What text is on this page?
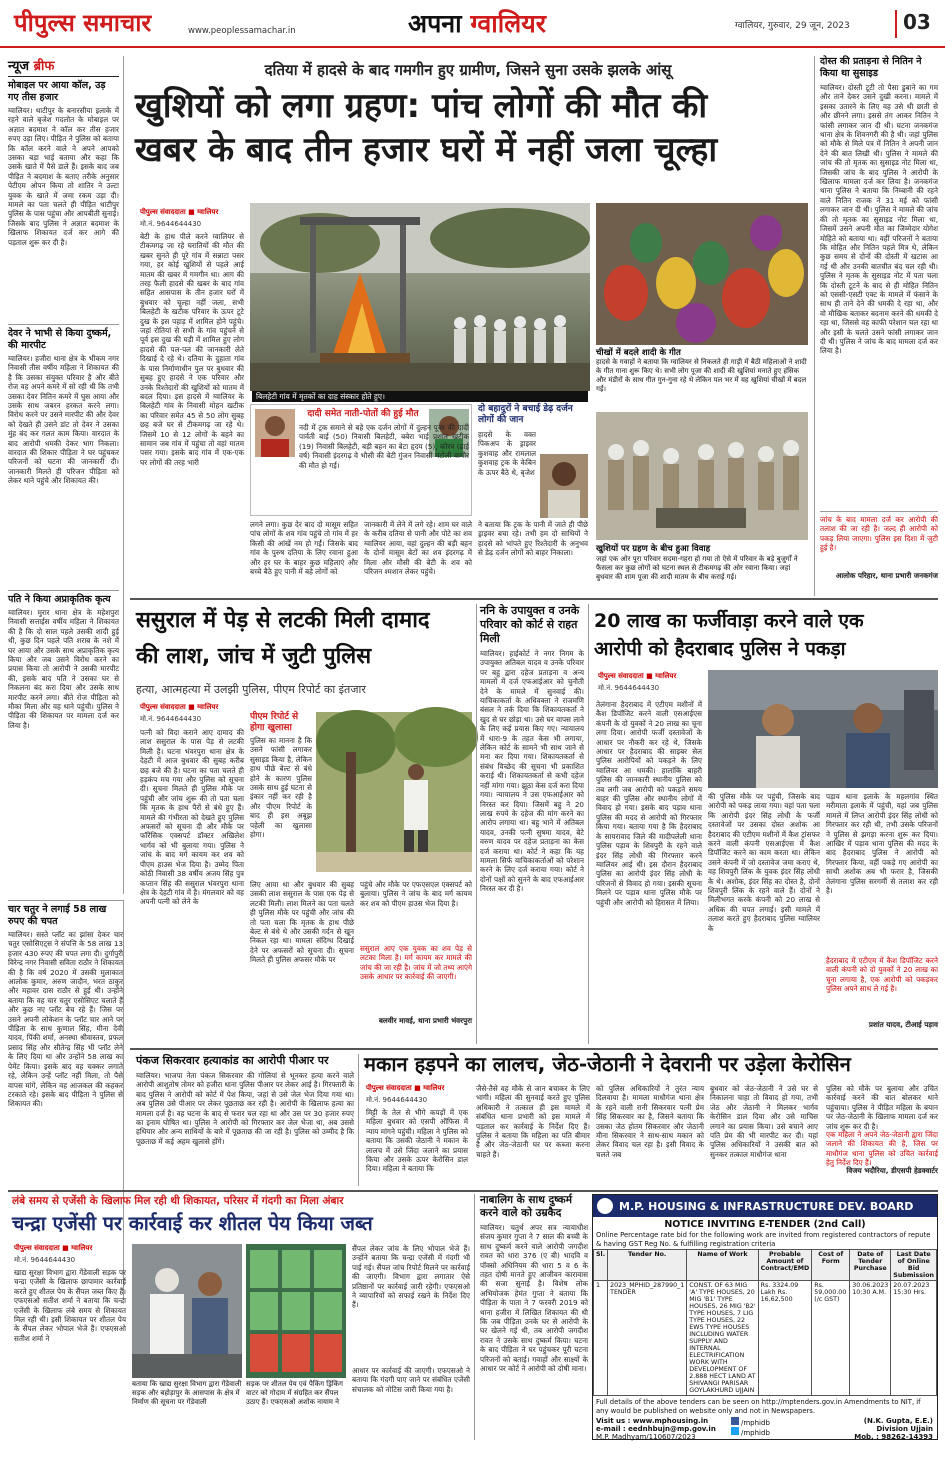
पीपुल्स समाचार	www.peoplessamachar.in	अपना ग्वालियर	ग्वालियर, गुरुवार, 29 जून, 2023	03
न्यूज ब्रीफ
मोबाइल पर आया कॉल, उड़ गए तीस हजार
ग्वालियर। थाटीपुर के बनारसीया इलाके में रहने वाले बृजेश गदलोत के मोबाइल पर अज्ञात बदमाश ने कॉल कर तीस हजार रुपए उड़ा लिए। पीड़ित ने पुलिस को बताया कि कॉल करने वाले ने अपने आपको उसका बड़ा भाई बताया और कहा कि उसके खाते में पैसे डाले हैं। इसके बाद जब पीड़ित ने बदमाश के बताए तरीके अनुसार पेटीएम ओपन किया तो शातिर ने उल्टा युवक के खाते में जमा रकम उड़ा दी। मामले का पता चलते ही पीड़ित थाटीपुर पुलिस के पास पहुंचा और आपबीती सुनाई। जिसके बाद पुलिस ने अज्ञात बदमाश के खिलाफ शिकायत दर्ज कर आगे की पड़ताल शुरू कर दी है।
देवर ने भाभी से किया दुष्कर्म, की मारपीट
ग्वालियर। हजीरा थाना क्षेत्र के भीकम नगर निवासी तीस वर्षीय महिला ने शिकायत की है कि उसका संयुक्त परिवार है और बीते रोज वह अपने कमरे में सो रही थी कि तभी उसका देवर नितिन कमरे में घुस आया और उसके साथ जबरन हरकत करने लगा। विरोध करने पर उसने मारपीट की और देवर को देखते ही उसने डांट तो देवर ने उसका मुंह बंद कर गलत काम किया। वारदात के बाद आरोपी धमकी देकर भाग निकला। वारदात की शिकार पीड़िता ने घर पहुंचकर परिजनों को घटना की जानकारी दी। जानकारी मिलते ही परिजन पीड़िता को लेकर थाने पहुंचे और शिकायत की।
पति ने किया अप्राकृतिक कृत्य
ग्वालियर। मुरार थाना क्षेत्र के महेशपुरा निवासी सत्ताईस वर्षीय महिला ने शिकायत की है कि दो साल पहले उसकी शादी हुई थी, कुछ दिन पहले पति शराब के नशे में घर आया और उसके साथ अप्राकृतिक कृत्य किया और जब उसने विरोध करने का प्रयास किया तो आरोपी ने उसकी मारपीट की, इसके बाद पति ने उसका घर से निकलना बंद करा दिया और उसके साथ मारपीट करने लगा। बीते रोज पीड़िता को मौका मिला और वह थाने पहुंची। पुलिस ने पीड़िता की शिकायत पर मामला दर्ज कर लिया है।
चार चतुर ने लगाई 58 लाख रुपए की चपत
ग्वालियर। सस्ते प्लॉट का झांसा देकर चार चतुर एसोसिएट्स ने संपत्ति के 58 लाख 13 हजार 430 रुपए की चपत लगा दी। दुर्गापुरी विरेन्द्र नगर निवासी सविता राठौर ने शिकायत की है कि वर्ष 2020 में उसकी मुलाकात आलोक कुमार, अरुण जादौन, भरत ठाकुर और महावर दास राठौर से हुई थी। उन्होंने बताया कि वह चार चतुर एसोसिएट चलाते हैं और कुछ नए प्लॉट बेच रहे हैं। जिस पर उसने अपनी लोकेशन के प्लॉट चार आने पर पीड़िता के साथ कुणाल सिंह, मीना देवी यादव, पिंकी शर्मा, अनस्था श्रीवास्तव, प्रफल प्रसाद सिंह और सीतेन्द्र सिंह भी प्लॉट लेने के लिए दिया था और उन्होंने 58 लाख का पेमेंट किया। इसके बाद वह चक्कर लगाते रहे, लेकिन उन्हें प्लॉट नहीं मिला, तो पैसे वापस मांगे, लेकिन वह आजकल की कहकर टरकाते रहे। इसके बाद पीड़िता ने पुलिस से शिकायत की।
दतिया में हादसे के बाद गमगीन हुए ग्रामीण, जिसने सुना उसके झलके आंसू
खुशियों को लगा ग्रहण: पांच लोगों की मौत की
खबर के बाद तीन हजार घरों में नहीं जला चूल्हा
पीपुल्स संवाददाता ■ ग्वालियर
मो.नं. 9644644430
बिलहेटी गांव में मृतकों का दाह संस्कार होते हुए।
बेटी के हाथ पीले करने ग्वालियर से टीकमगढ़ जा रहे घरातियों की मौत की खबर सुनते ही पूरे गांव में सन्नाटा पसर गया, हर कोई खुशियों से पहले आई मातम की खबर में गमगीन था। आग की तरह फैली हादसे की खबर के बाद गांव सहित आसपास के तीन हजार घरों में बुधवार को चूल्हा नहीं जला, सभी बिलहेटी के खटीक परिवार के ऊपर टूटे दुख के इस पहाड़ में शामिल होने पहुंचे। जहां रोतियां से सभी के गांव पहुंचने से पूर्व इस दुख की घड़ी में शामिल हुए लोग हादसे की पल-पल की जानकारी लेते दिखाई दे रहे थे। दतिया के दुहाता गांव के पास निर्माणाधीन पुल पर बुधवार की सुबह हुए हादसे ने एक परिवार और उनके रिश्तेदारों की खुशियों को मातम में बदल दिया। इस हादसे में ग्वालियर के बिलहेटी गांव के निवासी मोहन खटीक का परिवार समेत 45 से 50 लोग सुबह छह बजे घर से टीकमगढ़ जा रहे थे। जिसमें 10 से 12 लोगों के बहने का सामान जब गांव में पहुंचा तो वहां मातम पसर गया। इसके बाद गांव में एक-एक घर लोगों की तरह भारी
दादी समेत नाती-पोतों की हुई मौत
नदी में ट्रक समाने से बहे एक दर्जन लोगों में दुल्हन पूजा की दादी पार्वती बाई (50) निवासी बिलहेटी, बबेरा भाई प्रशांत खटीक (19) निवासी बिलहेटी, बड़ी बहन का बेटा हृदय (5), कोरव (ढाई वर्ष) निवासी इंदरगढ़ वे भौसी की बेटी गुंजन निवासी मटोली बामौर की मौत हो गई।
दो बहादुरों ने बचाई डेढ़ दर्जन लोगों की जान
हादसे के वक्त पिकअप के ड्राइवर कुशवाह और रामलाल कुशवाह ट्रक के केबिन के ऊपर बैठे थे, बृजेश
ने बताया कि ट्रक के पानी में जाते ही पीछे ड्राइवर बचा रहे। तभी हम दो साथियों ने हादसे को भांपते हुए रिश्तेदारी के अनुभव से डेढ़ दर्जन लोगों को बाहर निकाला।
लगने लगा। कुछ देर बाद दो मासूम सहित पांच लोगों के शव गांव पहुंचे तो गांव में हर किसी की आंखें नम हो गईं। जिसके बाद गांव के पुरुष दतिया के लिए रवाना हुआ और हर घर के बाहर कुछ महिलाएं और बच्चे बैठे हुए पानी में बहे लोगों को
जानकारी में लेने में लगे रहे। शाम घर वाले के करीब दतिया से पानी और पोटे का शव ग्वालियर आया, वहां दुल्हन की बड़ी बहन के दोनों मासूम बेटों का शव इंदरगढ़ में मिला और मौसी की बेटी के शव को परिजन श्मशान लेकर पहुंचे।
चीखों में बदले शादी के गीत
हादसे के गवाहों ने बताया कि ग्वालियर से निकलते ही गाड़ी में बैठी महिलाओं ने शादी के गीत गाना शुरू किए थे। सभी लोग पूजा की शादी की खुशियां मनाते हुए हंसिक और मंडीरों के साथ गीत गुन-गुना रहे थे लेकिन पल भर में यह खुशियां चीखों में बदल गईं।
खुशियों पर ग्रहण के बीच हुआ विवाह
जहां एक ओर पूरा परिवार सदमा-गहरा हो गया तो ऐसे में परिवार के बड़े बुजुर्गों ने फैसला कर कुछ लोगों को घटना स्थल से टीकमगढ़ की ओर रवाना किया। जहां बुधवार की शाम पूजा की शादी मातम के बीच कराई गई।
दोस्त की प्रताड़ना से नितिन ने किया था सुसाइड
ग्वालियर। दोस्ती टूटी तो पैसा डुबाने का गम और ताने देकर उसने दुखी करना। मामले में इसका उतारने के लिए वह उसे थी छाती से और छीनने लगा। इससे तंग आकर नितिन ने फांसी लगाकर जान दी थी। घटना जनकगंज थाना क्षेत्र के शिवनगरी की है थी। जहां पुलिस को मौके से मिले पत्र में नितिन ने अपनी जान देने की बात लिखी थी। पुलिस ने मामले की जांच की तो मृतक का सुसाइड नोट मिला था, जिसकी जांच के बाद पुलिस ने आरोपी के खिलाफ मामला दर्ज कर लिया है। जनकगंज थाना पुलिस ने बताया कि निम्बानी की रहने वाले नितिन राजक ने 31 मई को फांसी लगाकर जान दी थी। पुलिस ने मामले की जांच की तो मृतक का सुसाइड नोट मिला था, जिसमें उसने अपनी मौत का जिम्मेदार योगेश मोहिते को बताया था। वहीं परिजनों ने बताया कि मोहित और नितिन पहले मित्र थे, लेकिन कुछ समय से दोनों की दोस्ती में खटास आ गई थी और उनकी बातचीत बंद चल रही थी। पुलिस ने मृतक के सुसाइड नोट में पता चला कि दोस्ती टूटने के बाद से ही मोहित नितिन को एससी-एसटी एक्ट के मामले में फंसाने के साथ ही ताने देने की धमकी दे रहा था, और वो मौखिक बताकर बदनाम करने की धमकी दे रहा था, जिससे वह काफी परेशान चल रहा था और इसी के चलते उसने फांसी लगाकर जान दी थी। पुलिस ने जांच के बाद मामला दर्ज कर लिया है।
जांच के बाद मामला दर्ज कर आरोपी की तलाश की जा रही है। जल्द ही आरोपी को पकड़ लिया जाएगा। पुलिस इस दिशा में जुटी हुई है।
आलोक परिहार, थाना प्रभारी जनकगंज
ससुराल में पेड़ से लटकी मिली दामाद
की लाश, जांच में जुटी पुलिस
हत्या, आत्महत्या में उलझी पुलिस, पीएम रिपोर्ट का इंतजार
पीपुल्स संवाददाता ■ ग्वालियर
मो.नं. 9644644430
पत्नी को विदा कराने आए दामाद की लाश ससुराल के पास पेड़ से लटकी मिली है। घटना भंवरपुरा थाना क्षेत्र के देहटी में आज बुधवार की सुबह करीब छह बजे की है। घटना का पता चलते ही हड़कंप मच गया और पुलिस को सूचना दी। सूचना मिलते ही पुलिस मौके पर पहुंची और जांच शुरू की तो पता चला कि मृतक के हाथ पैरों से बंधे हुए हैं। मामले की गंभीरता को देखते हुए पुलिस अफसरों को सूचना दी और मौके पर फॉरेंसिक एक्सपर्ट डॉक्टर अखिलेश भार्गव को भी बुलाया गया। पुलिस ने जांच के बाद मर्ग कायम कर शव को पीएम हाउस भेज दिया है। उम्मेद पिता कोठी निवासी 38 वर्षीय अजय सिंह पुत्र कप्तान सिंह की ससुराल भंवरपुरा थाना क्षेत्र के देहटी गांव में है। मंगलवार को वह अपनी पत्नी को लेने के
पीएम रिपोर्ट से होगा खुलासा
पुलिस का मानना है कि उसने फांसी लगाकर सुसाइड किया है, लेकिन हाथ पीछे बेल्ट से बंधे होने के कारण पुलिस उसके साथ हुई घटना से इंकार नहीं कर रही है और पीएम रिपोर्ट के बाद ही इस अबूझ पहेली का खुलासा होगा।
लिए आया था और बुधवार की सुबह उसकी लाश ससुराल के पास एक पेड़ से लटकी मिली। लाश मिलने का पता चलते ही पुलिस मौके पर पहुंची और जांच की तो पता चला कि मृतक के हाथ पीछे बेल्ट से बंधे थे और उसकी गर्दन से खून निकल रहा था। मामला संदिग्ध दिखाई देने पर अफसरों को सूचना दी। सूचना मिलते ही पुलिस अफसर मौके पर
पहुंचे और मौके पर एफएसएल एक्सपर्ट को बुलाया। पुलिस ने जांच के बाद मर्ग कायम कर शव को पीएम हाउस भेज दिया है।
ससुराल आए एक युवक का शव पेड़ से लटका मिला है। मर्ग कायम कर मामले की जांच की जा रही है। जांच में जो तथ्य आएंगे उसके आधार पर कार्रवाई की जाएगी।
बलवीर मावई, थाना प्रभारी भंवरपुरा
ननि के उपायुक्त व उनके परिवार को कोर्ट से राहत मिली
ग्वालियर। हाईकोर्ट ने नगर निगम के उपायुक्त अतिबल यादव व उनके परिवार पर बहु द्वारा दहेज प्रताड़ना व अन्य मामलों में दर्ज एफआईआर को चुनौती देने के मामले में सुनवाई की। याचिकाकर्ता के अधिवक्ता ने राजमणि बंसल ने तर्क दिया कि शिकायतकर्ता ने खुद से घर छोड़ा था। उसे घर वापस लाने के लिए कई प्रयास किए गए। न्यायालय में धारा-9 के तहत केस भी लगाया, लेकिन कोर्ट के सामने भी साथ जाने से मना कर दिया गया। शिकायतकर्ता से संबंध विच्छेद की सूचना भी प्रकाशित कराई थी। शिकायतकर्ता से कभी दहेज नहीं मांगा गया। झूठा केस दर्ज करा दिया गया। न्यायालय ने उस एफआईआर को निरस्त कर दिया। जिसमें बहु ने 20 लाख रुपये के दहेज की मांग करने का आरोप लगाया था। बहु भाने में अतिबल यादव, उनकी पत्नी सुषमा यादव, बेटे वरुण यादव पर दहेज प्रताड़ना का केस दर्ज कराया था। कोर्ट ने कहा कि यह मामला सिर्फ याचिकाकर्ताओं को परेशान करने के लिए दर्ज कराया गया। कोर्ट ने दोनों पक्षों को सुनने के बाद एफआईआर निरस्त कर दी है।
20 लाख का फर्जीवाड़ा करने वाले एक
आरोपी को हैदराबाद पुलिस ने पकड़ा
पीपुल्स संवाददाता ■ ग्वालियर
मो.नं. 9644644430
तेलंगाना हैदराबाद में एटीएम मशीनों में कैश डिपॉजिट करने वाली एसआईएस कंपनी के दो युवकों ने 20 लाख का चूना लगा दिया। आरोपी फर्जी दस्तावेजों के आधार पर नौकरी कर रहे थे, जिसके आधार पर हैदराबाद की साइबर सेल पुलिस आरोपियों को पकड़ने के लिए ग्वालियर आ धमकी। हालांकि बाहरी पुलिस की जानकारी स्थानीय पुलिस को तब लगी जब आरोपी को पकड़ने समय बाहर की पुलिस और स्थानीय लोगों में विवाद हो गया। इसके बाद पड़ाव थाना पुलिस की मदद से आरोपी को गिरफ्तार किया गया। बताया गया है कि हैदराबाद के सायरावाद जिले की मादीपलेली थाना पुलिस पड़ाव के शिवपुरी के रहने वाले इंदर सिंह लोधी की गिरफ्तार करने ग्वालियर आई थी। इस दौरान हैदराबाद पुलिस का आरोपी इंदर सिंह लोधी के परिजनों से विवाद हो गया। इसकी सूचना मिलने पर पड़ाव थाना पुलिस मौके पर पहुंची और आरोपी को हिरासत में लिया।
की पुलिस मौके पर पहुंची, जिसके बाद आरोपी को पकड़ लाया गया। वहां पता चला कि आरोपी इंदर सिंह लोधी के फर्जी दस्तावेजों पर उसका दोस्त अशोक आ हैदराबाद की एटीएम मशीनों में कैश ट्रांसफर करने वाली कंपनी एसआईएस में कैश डिपॉजिट करने का काम करता था। लेकिन उसने कंपनी में जो दस्तावेज जमा कराए थे, वह शिवपुरी लिंक के युवक इंदर सिंह लोधी के थे। अशोक, इंदर सिंह का दोस्त है, दोनों शिवपुरी लिंक के रहने वाले हैं। दोनों ने मिलीभगत करके कंपनी को 20 लाख से अधिक की चपत लगाई। इसी मामले में तलाश करते हुए हैदराबाद पुलिस ग्वालियर के
पड़ाव थाना इलाके के महलगांव स्थित मरीमाता इलाके में पहुंची, यहां जब पुलिस मामले में लिप्त आरोपी इंदर सिंह लोधी को गिरफ्तार कर रही थी, तभी उसके परिजनों ने पुलिस से झगड़ा करना शुरू कर दिया। आखिर में पड़ाव थाना पुलिस की मदद के बाद हैदराबाद पुलिस ने आरोपी को गिरफ्तार किया, वहीं पकड़े गए आरोपी का साथी अशोक अब भी फरार है, जिसकी तेलंगाना पुलिस सरगर्मी से तलाश कर रही है।
हैदराबाद में एटीएम में कैश डिपॉजिट करने वाली कंपनी को दो युवकों ने 20 लाख का चूना लगाया है, एक आरोपी को पकड़कर पुलिस अपने साथ ले गई है।
प्रशांत यादव, टीआई पड़ाव
पंकज सिकरवार हत्याकांड का आरोपी पीआर पर
ग्वालियर। भाजपा नेता पंकज सिकरवार की गोलियां से भूनकर हत्या करने वाले आरोपी आशुतोष तोमर को हजीरा थाना पुलिस पीआर पर लेकर आई है। गिरफ्तारी के बाद पुलिस ने आरोपी को कोर्ट में पेश किया, जहां से उसे जेल भेज दिया गया था। अब पुलिस उसे पीआर पर लेकर पूछताछ कर रही है। आरोपी के खिलाफ हत्या का मामला दर्ज है। वह घटना के बाद से फरार चल रहा था और उस पर 30 हजार रुपए का इनाम घोषित था। पुलिस ने आरोपी को गिरफ्तार कर जेल भेजा था, अब उससे हथियार और अन्य साथियों के बारे में पूछताछ की जा रही है। पुलिस को उम्मीद है कि पूछताछ में कई अहम खुलासे होंगे।
मकान हड़पने का लालच, जेठ-जेठानी ने देवरानी पर उड़ेला केरोसिन
पीपुल्स संवाददाता ■ ग्वालियर
मो.नं. 9644644430
मिट्टी के तेल से भीगे कपड़ों में एक महिला बुधवार को एसपी ऑफिस में न्याय मांगने पहुंची। महिला ने पुलिस को बताया कि उसकी जेठानी ने मकान के लालच में उसे जिंदा जलाने का प्रयास किया और उसके ऊपर केरोसिन डाल दिया। महिला ने बताया कि
जैसे-तैसे वह मौके से जान बचाकर के लिए भागी। महिला की सुनवाई करते हुए पुलिस अधिकारी ने तत्काल ही इस मामले में संबंधित थाना प्रभारी को इस मामले में पड़ताल कर कार्रवाई के निर्देश दिए हैं। पुलिस ने बताया कि महिला का पति बीमार है और जेठ-जेठानी घर पर कब्जा करना चाहते हैं।
को पुलिस अधिकारियों ने तुरंत न्याय दिलवाया है। मामला माधौगंज थाना क्षेत्र के रहने वाली रानी सिकरवार पत्नी प्रेम सिंह सिकरवार का है, जिसने बताया कि उसका जेठ होतम सिकरवार और जेठानी मीना सिकरवार ने साथ-साथ मकान को लेकर विवाद चल रहा है। इसी विवाद के चलते जब
बुधवार को जेठ-जेठानी ने उसे घर से निकालना चाहा तो विवाद हो गया, तभी जेठ और जेठानी ने मिलकर भार्गव केरोसिन डाल दिया और उसे माचिस लगाने का प्रयास किया। उसे बचाने आए पति प्रेम की भी मारपीट कर दी। यहां पुलिस अधिकारियों ने उसकी बात को सुनकर तत्काल माधौगंज थाना
पुलिस को मौके पर बुलाया और उचित कार्रवाई करने की बात बोलकर थाने पहुंचाया। पुलिस ने पीड़ित महिला के बयान पर जेठ-जेठानी के खिलाफ मामला दर्ज कर जांच शुरू कर दी है।
एक महिला ने अपने जेठ-जेठानी द्वारा जिंदा जलाने की शिकायत की है, जिस पर माधौगंज थाना पुलिस को उचित कार्रवाई हेतु निर्देश दिए हैं।
विजय भदौरिया, डीएसपी हेडक्वार्टर
लंबे समय से एजेंसी के खिलाफ मिल रही थी शिकायत, परिसर में गंदगी का मिला अंबार
चन्द्रा एजेंसी पर कार्रवाई कर शीतल पेय किया जब्त
पीपुल्स संवाददाता ■ ग्वालियर
मो.नं. 9644644430
खाद्य सुरक्षा विभाग द्वारा गेंडेवाली सड़क पर चन्द्रा एजेंसी के खिलाफ छापामार कार्रवाई करते हुए शीतल पेय के सैंपल जब्त किए हैं। एफएसओ सतीश शर्मा ने बताया कि चन्द्रा एजेंसी के खिलाफ लंबे समय से शिकायत मिल रही थी। इसी शिकायत पर शीतल पेय के सैंपल लेकर भोपाल भेजे हैं। एफएसओ सतीश शर्मा ने
बताया कि खाद्य सुरक्षा विभाग द्वारा गेंडेवाली सड़क और बहोड़ापुर के आसपास के क्षेत्र में निर्माण की सूचना पर गेंडेवाली
सड़क पर शीतल पेय एवं पैकिंग ड्रिंकिंग वाटर को गोदाम में संग्रहित कर सैंपल उठाए हैं। एफएसओ अशोक नायाम ने
सैंपल लेकर जांच के लिए भोपाल भेजे हैं। उन्होंने बताया कि चन्द्रा एजेंसी में गंदगी भी पाई गई। सैंपल जांच रिपोर्ट मिलने पर कार्रवाई की जाएगी। विभाग द्वारा लगातार ऐसे प्रतिष्ठानों पर कार्रवाई जारी रहेगी। एफएसओ ने व्यापारियों को सफाई रखने के निर्देश दिए हैं।
आधार पर कार्रवाई की जाएगी। एफएसओ ने बताया कि गंदगी पाए जाने पर संबंधित एजेंसी संचालक को नोटिस जारी किया गया है।
नाबालिग के साथ दुष्कर्म करने वाले को उम्रकैद
ग्वालियर। चतुर्थ अपर सत्र न्यायाधीश संजय कुमार गुप्ता ने 7 साल की बच्ची के साथ दुष्कर्म करने वाले आरोपी जगदीश रावत को धारा 376 (ए बी) भादवि व पॉक्सो अधिनियम की धारा 5 व 6 के तहत दोषी मानते हुए आजीवन कारावास की सजा सुनाई है। विशेष लोक अभियोजक हेमंत गुप्ता ने बताया कि पीड़िता के पाता ने 7 फरवरी 2019 को थाना हजीरा में लिखित शिकायत की थी कि जब पीड़िता उनके घर से आरोपी के घर खेलने गई थी, तब आरोपी जगदीश रावत ने उसके साथ दुष्कर्म किया। घटना के बाद पीड़िता ने घर पहुंचकर पूरी घटना परिजनों को बताई। गवाहों और साक्ष्यों के आधार पर कोर्ट ने आरोपी को दोषी माना।
M.P. HOUSING & INFRASTRUCTURE DEV. BOARD
NOTICE INVITING E-TENDER (2nd Call)
Online Percentage rate bid for the following work are invited from registered contractors of repute & having GST Reg No. & fulfilling registration criteria
Sl.	Tender No.	Name of Work	Probable Amount of Contract/EMD	Cost of Form	Date of Tender Purchase	Last Date of Online Bid Submission
1	2023_MPHID_287990_1 TENDER	CONST. OF 63 MIG 'A' TYPE HOUSES, 20 MIG 'B1' TYPE HOUSES, 26 MIG 'B2' TYPE HOUSES, 7 LIG TYPE HOUSES, 22 EWS TYPE HOUSES INCLUDING WATER SUPPLY AND INTERNAL ELECTRIFICATION WORK WITH DEVELOPMENT OF 2.888 HECT LAND AT SHIVANGI PARISAR GOYLAKHURD UJJAIN	Rs. 3324.09 Lakh Rs. 16,62,500	Rs. 59,000.00 (/c GST)	30.06.2023 10:30 A.M.	20.07.2023 15:30 Hrs.
Full details of the above tenders can be seen on http://mptenders.gov.in Amendments to NIT, if any would be published on website only and not in Newspapers.
Visit us : www.mphousing.in
e-mail : eednhbujn@mp.gov.in
M.P. Madhyam/110607/2023
/mphidb
/mphidb
(N.K. Gupta, E.E.)
Division Ujjain
Mob. : 98262-14393
